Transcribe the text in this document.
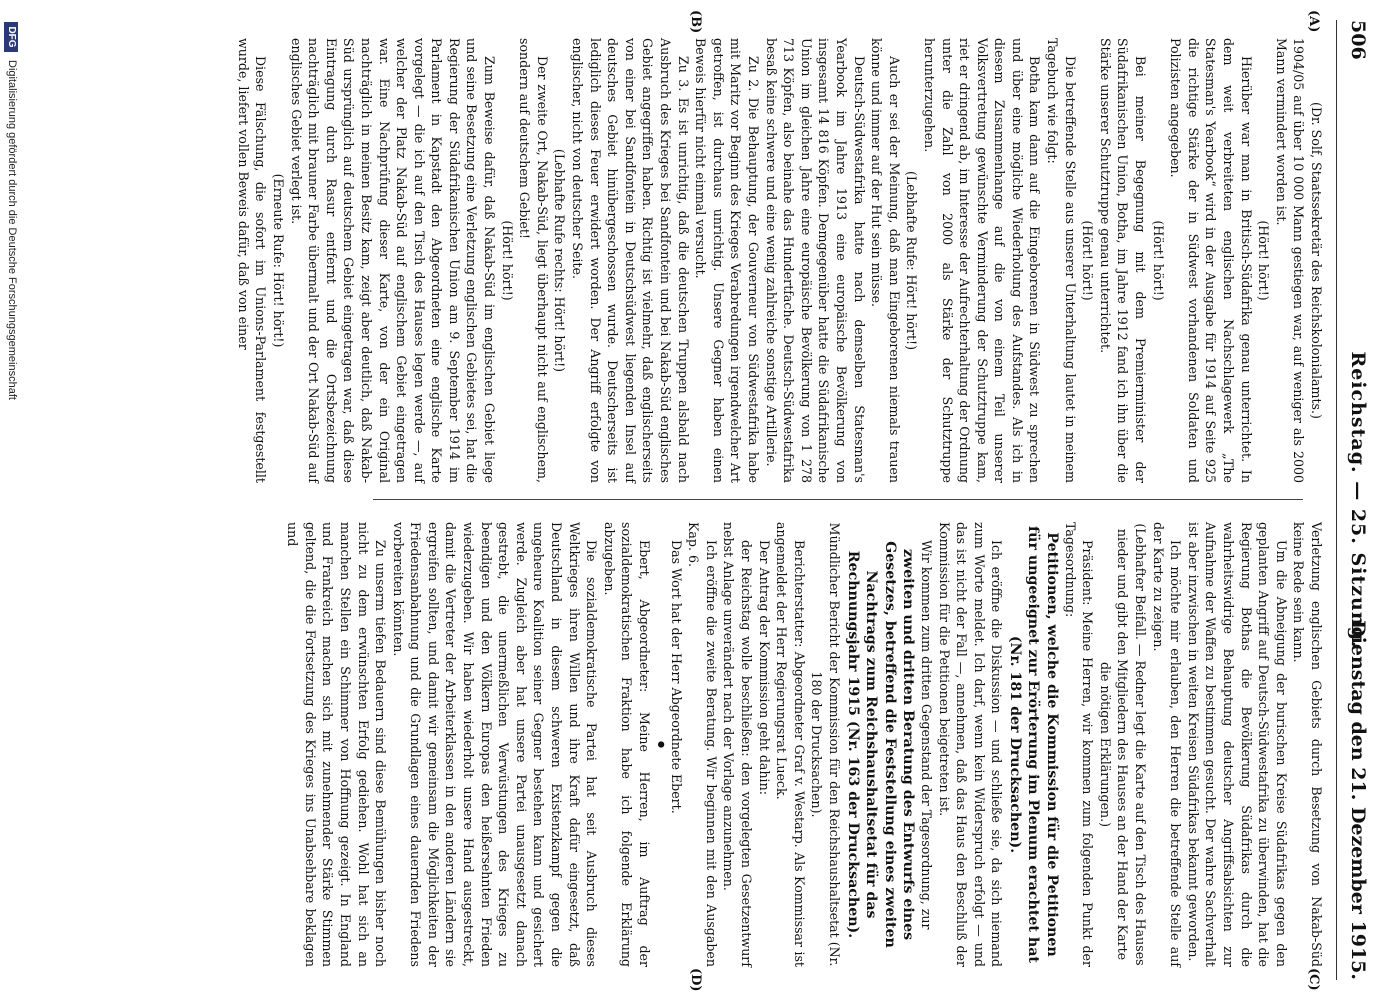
506
Reichstag. — 25. Sitzung.
Dienstag den 21. Dezember 1915.
(A)
(B)
(C)
(D)

(Dr. Solf, Staatssekretär des Reichskolonialamts.)

1904/05 auf über 10 000 Mann gestiegen war, auf weniger als 2000 Mann vermindert worden ist.

(Hört! hört!)

Hierüber war man in Britisch-Südafrika genau unterrichtet. In dem weit verbreiteten englischen Nachschlagewerk „The Statesman's Yearbook“ wird in der Ausgabe für 1914 auf Seite 925 die richtige Stärke der in Südwest vorhandenen Soldaten und Polizisten angegeben.

(Hört! hört!)

Bei meiner Begegnung mit dem Premierminister der Südafrikanischen Union, Botha, im Jahre 1912 fand ich ihn über die Stärke unserer Schutztruppe genau unterrichtet.

(Hört! hört!)

Die betreffende Stelle aus unserer Unterhaltung lautet in meinem Tagebuch wie folgt:

Botha kam dann auf die Eingeborenen in Südwest zu sprechen und über eine mögliche Wiederholung des Aufstandes. Als ich in diesem Zusammenhange auf die von einem Teil unserer Volksvertretung gewünschte Verminderung der Schutztruppe kam, riet er dringend ab, im Interesse der Aufrechterhaltung der Ordnung unter die Zahl von 2000 als Stärke der Schutztruppe herunterzugehen.

(Lebhafte Rufe: Hört! hört!)

Auch er sei der Meinung, daß man Eingeborenen niemals trauen könne und immer auf der Hut sein müsse.

Deutsch-Südwestafrika hatte nach demselben Statesman's Yearbook im Jahre 1913 eine europäische Bevölkerung von insgesamt 14 816 Köpfen. Demgegenüber hatte die Südafrikanische Union im gleichen Jahre eine europäische Bevölkerung von 1 278 713 Köpfen, also beinahe das Hundertfache. Deutsch-Südwestafrika besaß keine schwere und eine wenig zahlreiche sonstige Artillerie.

Zu 2. Die Behauptung, der Gouverneur von Südwestafrika habe mit Maritz vor Beginn des Krieges Verabredungen irgendwelcher Art getroffen, ist durchaus unrichtig. Unsere Gegner haben einen Beweis hierfür nicht einmal versucht.

Zu 3. Es ist unrichtig, daß die deutschen Truppen alsbald nach Ausbruch des Krieges bei Sandfontein und bei Nakab-Süd englisches Gebiet angegriffen haben. Richtig ist vielmehr, daß englischerseits von einer bei Sandfontein in Deutschsüdwest liegenden Insel auf deutsches Gebiet hinübergeschossen wurde. Deutscherseits ist lediglich dieses Feuer erwidert worden. Der Angriff erfolgte von englischer, nicht von deutscher Seite.

(Lebhafte Rufe rechts: Hört! hört!)

Der zweite Ort, Nakab-Süd, liegt überhaupt nicht auf englischem, sondern auf deutschem Gebiet!

(Hört! hört!)

Zum Beweise dafür, daß Nakab-Süd im englischen Gebiet liege und seine Besetzung eine Verletzung englischen Gebietes sei, hat die Regierung der Südafrikanischen Union am 9. September 1914 im Parlament in Kapstadt den Abgeordneten eine englische Karte vorgelegt — die ich auf den Tisch des Hauses legen werde —, auf welcher der Platz Nakab-Süd auf englischem Gebiet eingetragen war. Eine Nachprüfung dieser Karte, von der ein Original nachträglich in meinen Besitz kam, zeigt aber deutlich, daß Nakab-Süd ursprünglich auf deutschem Gebiet eingetragen war, daß diese Eintragung durch Rasur entfernt und die Ortsbezeichnung nachträglich mit brauner Farbe übermalt und der Ort Nakab-Süd auf englisches Gebiet verlegt ist.

(Erneute Rufe: Hört! hört!)

Diese Fälschung, die sofort im Unions-Parlament festgestellt wurde, liefert vollen Beweis dafür, daß von einer

Verletzung englischen Gebiets durch Besetzung von Nakab-Süd keine Rede sein kann.

Um die Abneigung der burischen Kreise Südafrikas gegen den geplanten Angriff auf Deutsch-Südwestafrika zu überwinden, hat die Regierung Bothas die Bevölkerung Südafrikas durch die wahrheitswidrige Behauptung deutscher Angriffsabsichten zur Aufnahme der Waffen zu bestimmen gesucht. Der wahre Sachverhalt ist aber inzwischen in weiten Kreisen Südafrikas bekannt geworden.

Ich möchte mir erlauben, den Herren die betreffende Stelle auf der Karte zu zeigen.

(Lebhafter Beifall. — Redner legt die Karte auf den Tisch des Hauses nieder und gibt den Mitgliedern des Hauses an der Hand der Karte die nötigen Erklärungen.)

Präsident: Meine Herren, wir kommen zum folgenden Punkt der Tagesordnung:

Petitionen, welche die Kommission für die Petitionen für ungeeignet zur Erörterung im Plenum erachtet hat (Nr. 181 der Drucksachen).

Ich eröffne die Diskussion — und schließe sie, da sich niemand zum Worte meldet. Ich darf, wenn kein Widerspruch erfolgt — und das ist nicht der Fall —, annehmen, daß das Haus den Beschluß der Kommission für die Petitionen beigetreten ist.

Wir kommen zum dritten Gegenstand der Tagesordnung, zur

zweiten und dritten Beratung des Entwurfs eines Gesetzes, betreffend die Feststellung eines zweiten Nachtrags zum Reichshaushaltsetat für das Rechnungsjahr 1915 (Nr. 163 der Drucksachen).

Mündlicher Bericht der Kommission für den Reichshaushaltsetat (Nr. 180 der Drucksachen).

Berichterstatter: Abgeordneter Graf v. Westarp. Als Kommissar ist angemeldet der Herr Regierungsrat Lueck.

Der Antrag der Kommission geht dahin:

der Reichstag wolle beschließen: den vorgelegten Gesetzentwurf nebst Anlage unverändert nach der Vorlage anzunehmen.

Ich eröffne die zweite Beratung. Wir beginnen mit den Ausgaben Kap. 6.

Das Wort hat der Herr Abgeordnete Ebert.

•

Ebert, Abgeordneter: Meine Herren, im Auftrag der sozialdemokratischen Fraktion habe ich folgende Erklärung abzugeben.

Die sozialdemokratische Partei hat seit Ausbruch dieses Weltkrieges ihren Willen und ihre Kraft dafür eingesetzt, daß Deutschland in diesem schweren Existenzkampf gegen die ungeheure Koalition seiner Gegner bestehen kann und gesichert werde. Zugleich aber hat unsere Partei unausgesetzt danach gestrebt, die unermeßlichen Verwüstungen des Krieges zu beendigen und den Völkern Europas den heißersehnten Frieden wiederzugeben. Wir haben wiederholt unsere Hand ausgestreckt, damit die Vertreter der Arbeiterklassen in den anderen Ländern sie ergreifen sollten, und damit wir gemeinsam die Möglichkeiten der Friedensanbahnung und die Grundlagen eines dauernden Friedens vorbereiten könnten.

Zu unserm tiefen Bedauern sind diese Bemühungen bisher noch nicht zu dem erwünschten Erfolg gediehen. Wohl hat sich an manchen Stellen ein Schimmer von Hoffnung gezeigt. In England und Frankreich machen sich mit zunehmender Stärke Stimmen geltend, die die Fortsetzung des Krieges ins Unabsehbare beklagen und

DFG
Digitalisierung gefördert durch die Deutsche Forschungsgemeinschaft
